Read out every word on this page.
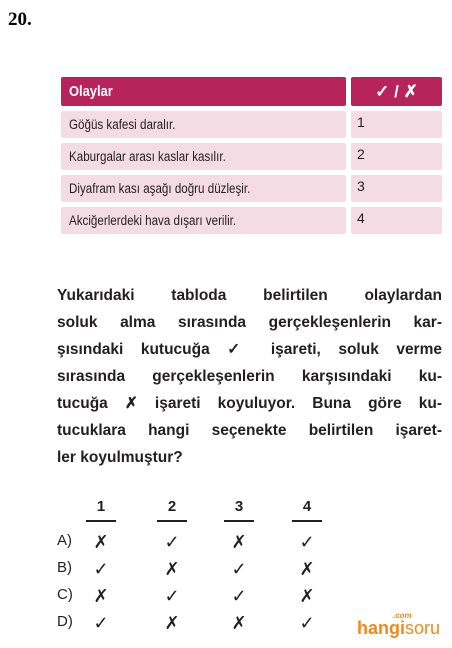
20.
Olaylar	✓ / ✗
Göğüs kafesi daralır.	1
Kaburgalar arası kaslar kasılır.	2
Diyafram kası aşağı doğru düzleşir.	3
Akciğerlerdeki hava dışarı verilir.	4
Yukarıdaki tabloda belirtilen olaylardan
soluk alma sırasında gerçekleşenlerin kar-
şısındaki kutucuğa ✓ işareti, soluk verme
sırasında gerçekleşenlerin karşısındaki ku-
tucuğa ✗ işareti koyuluyor. Buna göre ku-
tucuklara hangi seçenekte belirtilen işaret-
ler koyulmuştur?
1	2	3	4
A) ✗	✓	✗	✓
B) ✓	✗	✓	✗
C) ✗	✓	✓	✗
D) ✓	✗	✗	✓ hangisoru
.com
